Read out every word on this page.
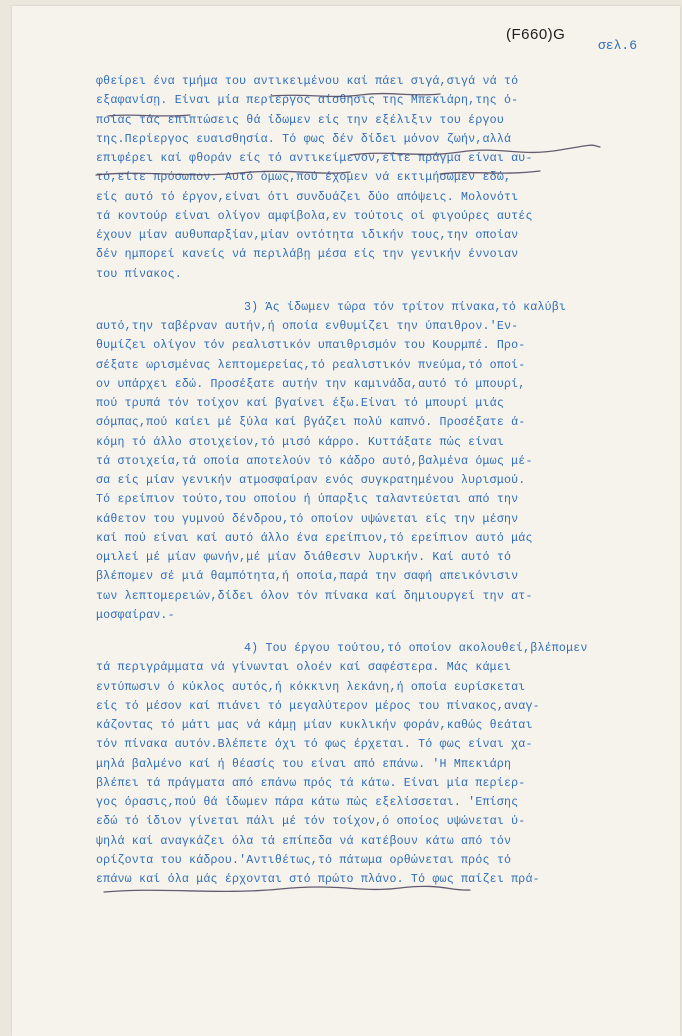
(F660)G
σελ.6
φθείρει ένα τμήμα του αντικειμένου καί πάει σιγά,σιγά νά τό
εξαφανίσῃ. Είναι μία περίεργος αίσθησις της Μπεκιάρη,της ό-
ποίας τάς επιπτώσεις θά ίδωμεν είς την εξέλιξιν του έργου
της.Περίεργος ευαισθησία. Τό φως δέν δίδει μόνον ζωήν,αλλά
επιφέρει καί φθοράν είς τό αντικείμενον,είτε πράγμα είναι αυ-
τό,είτε πρόσωπον. Αυτό όμως,πού έχομεν νά εκτιμήσωμεν εδώ,
είς αυτό τό έργον,είναι ότι συνδυάζει δύο απόψεις. Μολονότι
τά κοντούρ είναι ολίγον αμφίβολα,εν τούτοις οί φιγούρες αυτές
έχουν μίαν αυθυπαρξίαν,μίαν οντότητα ιδικήν τους,την οποίαν
δέν ημπορεί κανείς νά περιλάβῃ μέσα είς την γενικήν έννοιαν
του πίνακος.
3) Άς ίδωμεν τώρα τόν τρίτον πίνακα,τό καλύβι
αυτό,την ταβέρναν αυτήν,ή οποία ενθυμίζει την ύπαιθρον.'Εν-
θυμίζει ολίγον τόν ρεαλιστικόν υπαιθρισμόν του Κουρμπέ. Προ-
σέξατε ωρισμένας λεπτομερείας,τό ρεαλιστικόν πνεύμα,τό οποί-
ον υπάρχει εδώ. Προσέξατε αυτήν την καμινάδα,αυτό τό μπουρί,
πού τρυπά τόν τοίχον καί βγαίνει έξω.Είναι τό μπουρί μιάς
σόμπας,πού καίει μέ ξύλα καί βγάζει πολύ καπνό. Προσέξατε ά-
κόμη τό άλλο στοιχείον,τό μισό κάρρο. Κυττάξατε πώς είναι
τά στοιχεία,τά οποία αποτελούν τό κάδρο αυτό,βαλμένα όμως μέ-
σα είς μίαν γενικήν ατμοσφαίραν ενός συγκρατημένου λυρισμού.
Τό ερείπιον τούτο,του οποίου ή ύπαρξις ταλαντεύεται από την
κάθετον του γυμνού δένδρου,τό οποίον υψώνεται είς την μέσην
καί πού είναι καί αυτό άλλο ένα ερείπιον,τό ερείπιον αυτό μάς
ομιλεί μέ μίαν φωνήν,μέ μίαν διάθεσιν λυρικήν. Καί αυτό τό
βλέπομεν σέ μιά θαμπότητα,ή οποία,παρά την σαφή απεικόνισιν
των λεπτομερειών,δίδει όλον τόν πίνακα καί δημιουργεί την ατ-
μοσφαίραν.-
4) Του έργου τούτου,τό οποίον ακολουθεί,βλέπομεν
τά περιγράμματα νά γίνωνται ολοέν καί σαφέστερα. Μάς κάμει
εντύπωσιν ό κύκλος αυτός,ή κόκκινη λεκάνη,ή οποία ευρίσκεται
είς τό μέσον καί πιάνει τό μεγαλύτερον μέρος του πίνακος,αναγ-
κάζοντας τό μάτι μας νά κάμῃ μίαν κυκλικήν φοράν,καθώς θεάται
τόν πίνακα αυτόν.Βλέπετε όχι τό φως έρχεται. Τό φως είναι χα-
μηλά βαλμένο καί ή θέασίς του είναι από επάνω. 'Η Μπεκιάρη
βλέπει τά πράγματα από επάνω πρός τά κάτω. Είναι μία περίερ-
γος όρασις,πού θά ίδωμεν πάρα κάτω πώς εξελίσσεται. 'Επίσης
εδώ τό ίδιον γίνεται πάλι μέ τόν τοίχον,ό οποίος υψώνεται ύ-
ψηλά καί αναγκάζει όλα τά επίπεδα νά κατέβουν κάτω από τόν
ορίζοντα του κάδρου.'Αντιθέτως,τό πάτωμα ορθώνεται πρός τό
επάνω καί όλα μάς έρχονται στό πρώτο πλάνο. Τό φως παίζει πρά-
